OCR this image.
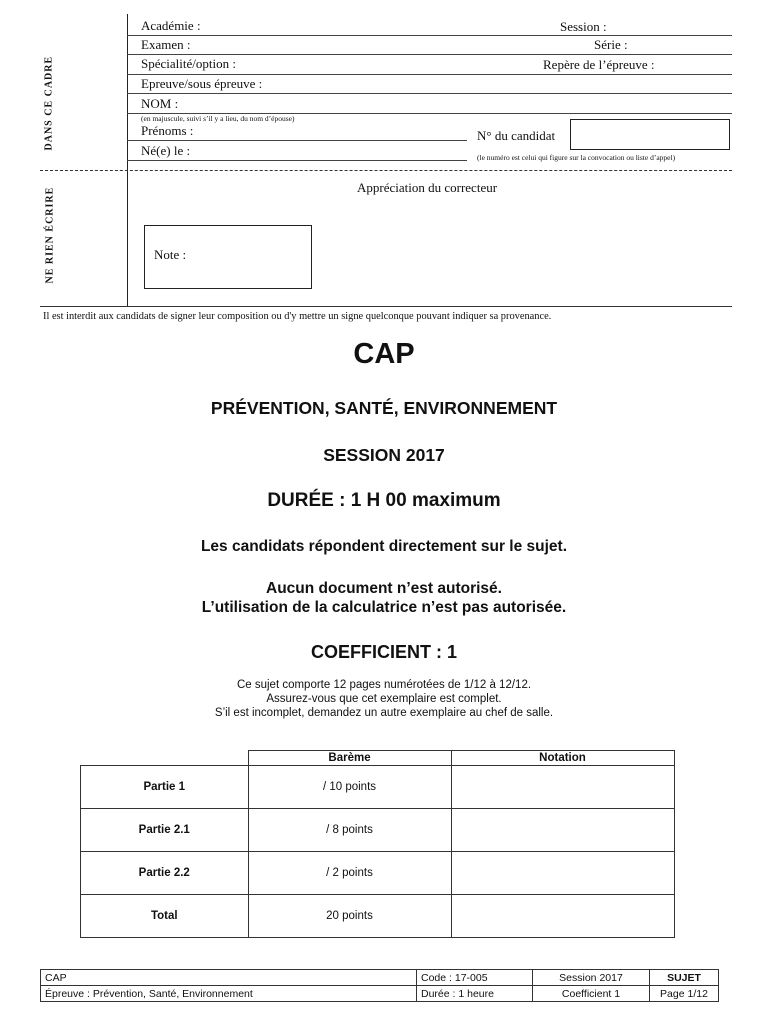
DANS CE CADRE
NE RIEN ÉCRIRE
Académie :	Session :
Examen :	Série :
Spécialité/option :	Repère de l’épreuve :
Epreuve/sous épreuve :
NOM :
(en majuscule, suivi s’il y a lieu, du nom d’épouse)
Prénoms :
Né(e) le :
N° du candidat
(le numéro est celui qui figure sur la convocation ou liste d’appel)
Appréciation du correcteur
Note :
Il est interdit aux candidats de signer leur composition ou d'y mettre un signe quelconque pouvant indiquer sa provenance.
CAP
PRÉVENTION, SANTÉ, ENVIRONNEMENT
SESSION 2017
DURÉE : 1 H 00 maximum
Les candidats répondent directement sur le sujet.
Aucun document n’est autorisé.
L’utilisation de la calculatrice n’est pas autorisée.
COEFFICIENT : 1
Ce sujet comporte 12 pages numérotées de 1/12 à 12/12.
Assurez-vous que cet exemplaire est complet.
S’il est incomplet, demandez un autre exemplaire au chef de salle.
	Barème	Notation
Partie 1	/ 10 points	
Partie 2.1	/ 8 points	
Partie 2.2	/ 2 points	
Total	20 points	
CAP	Code : 17-005	Session 2017	SUJET
Épreuve : Prévention, Santé, Environnement	Durée : 1 heure	Coefficient 1	Page 1/12
